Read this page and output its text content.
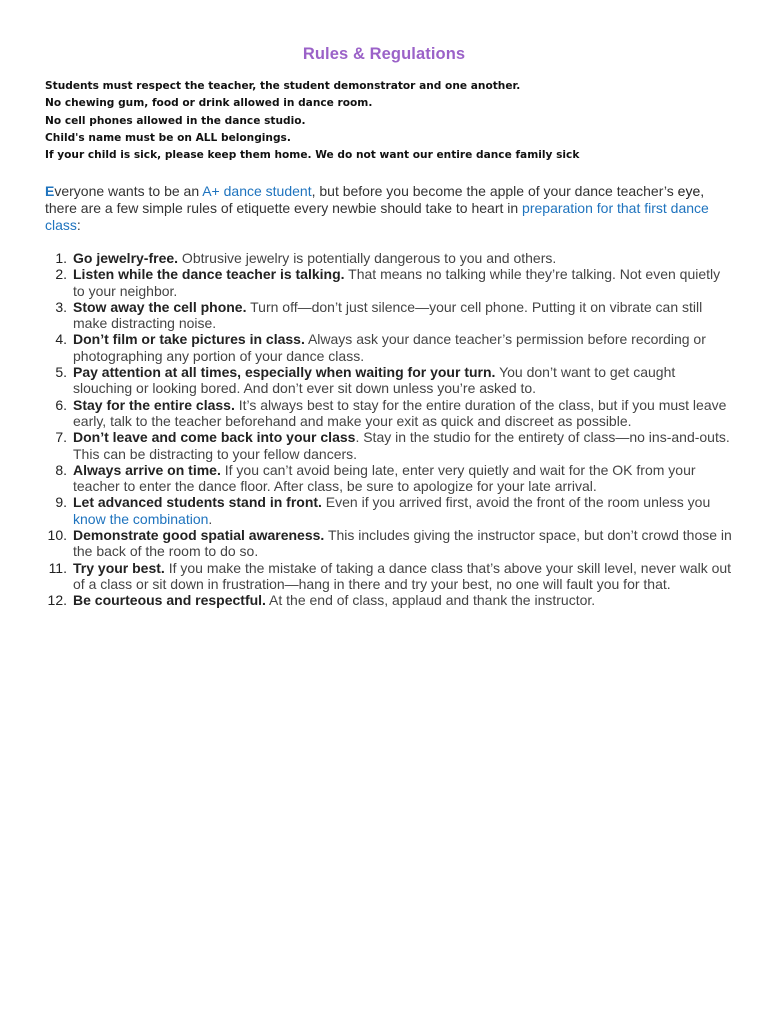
Rules & Regulations
Students must respect the teacher, the student demonstrator and one another.
No chewing gum, food or drink allowed in dance room.
No cell phones allowed in the dance studio.
Child's name must be on ALL belongings.
If your child is sick, please keep them home. We do not want our entire dance family sick
Everyone wants to be an A+ dance student, but before you become the apple of your dance teacher’s eye, there are a few simple rules of etiquette every newbie should take to heart in preparation for that first dance class:
1. Go jewelry-free. Obtrusive jewelry is potentially dangerous to you and others.
2. Listen while the dance teacher is talking. That means no talking while they’re talking. Not even quietly to your neighbor.
3. Stow away the cell phone. Turn off—don’t just silence—your cell phone. Putting it on vibrate can still make distracting noise.
4. Don’t film or take pictures in class. Always ask your dance teacher’s permission before recording or photographing any portion of your dance class.
5. Pay attention at all times, especially when waiting for your turn. You don’t want to get caught slouching or looking bored. And don’t ever sit down unless you’re asked to.
6. Stay for the entire class. It’s always best to stay for the entire duration of the class, but if you must leave early, talk to the teacher beforehand and make your exit as quick and discreet as possible.
7. Don’t leave and come back into your class. Stay in the studio for the entirety of class—no ins-and-outs. This can be distracting to your fellow dancers.
8. Always arrive on time. If you can’t avoid being late, enter very quietly and wait for the OK from your teacher to enter the dance floor. After class, be sure to apologize for your late arrival.
9. Let advanced students stand in front. Even if you arrived first, avoid the front of the room unless you know the combination.
10. Demonstrate good spatial awareness. This includes giving the instructor space, but don’t crowd those in the back of the room to do so.
11. Try your best. If you make the mistake of taking a dance class that’s above your skill level, never walk out of a class or sit down in frustration—hang in there and try your best, no one will fault you for that.
12. Be courteous and respectful. At the end of class, applaud and thank the instructor.
